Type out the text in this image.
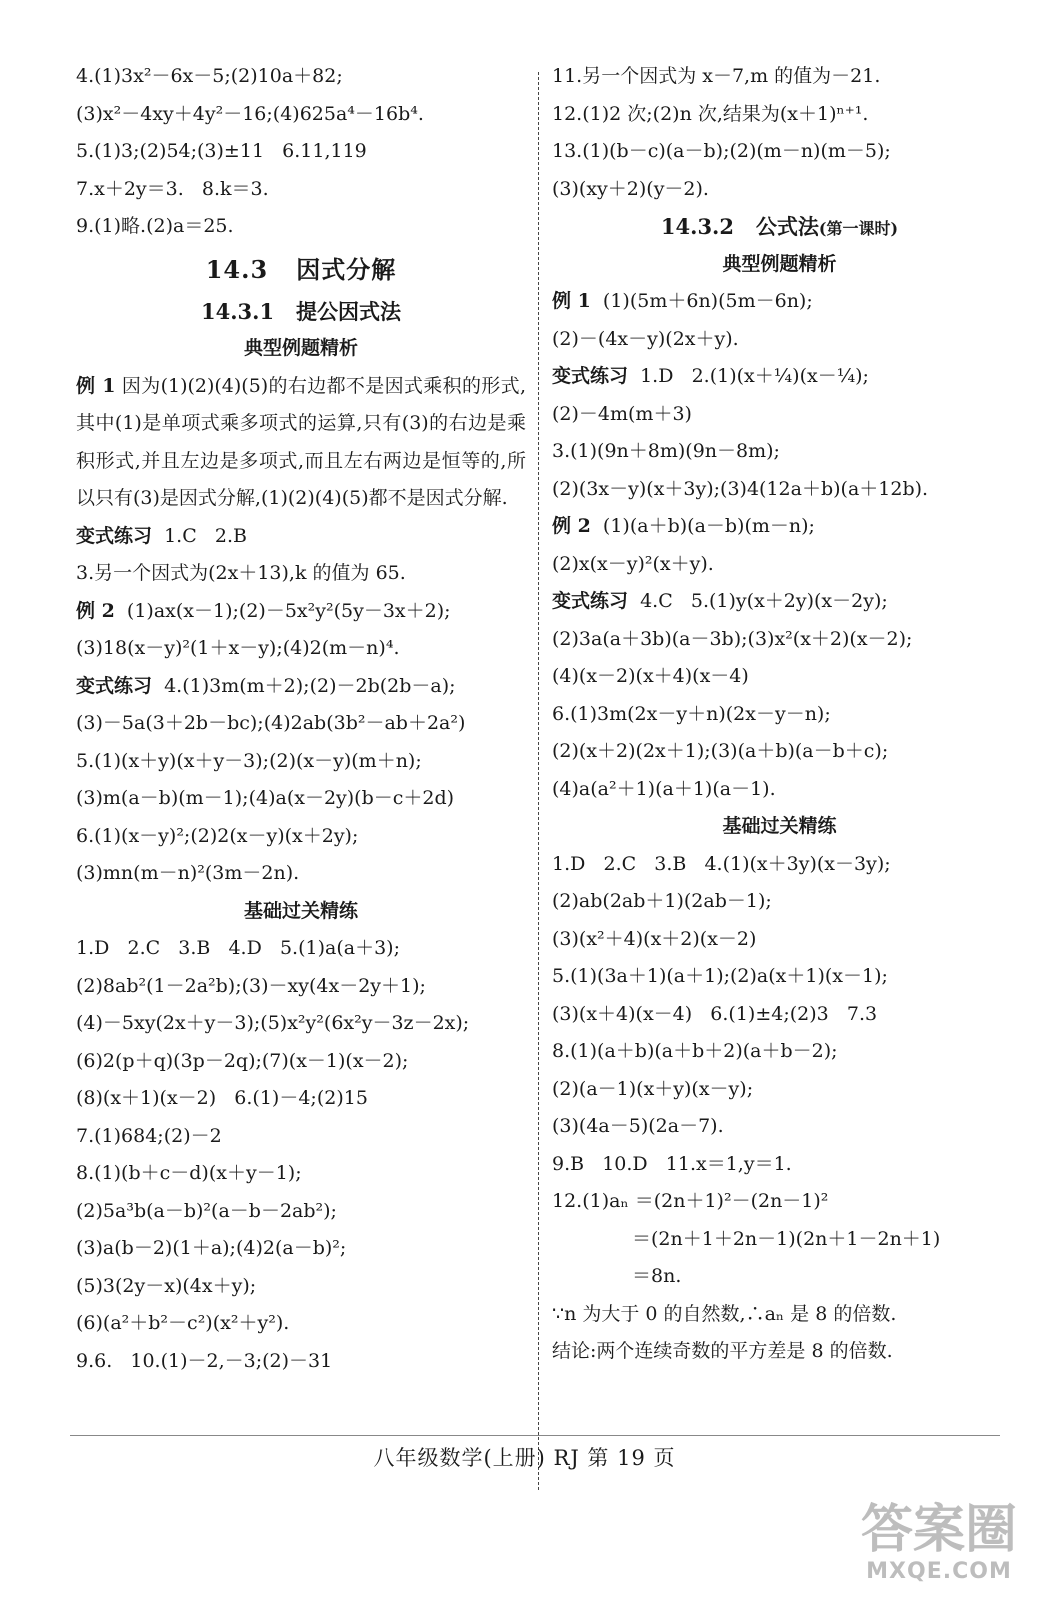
4.(1)3x²－6x－5;(2)10a＋82;
(3)x²－4xy＋4y²－16;(4)625a⁴－16b⁴.
5.(1)3;(2)54;(3)±11   6.11,119
7.x＋2y＝3.   8.k＝3.
9.(1)略.(2)a＝25.
14.3   因式分解
14.3.1   提公因式法
典型例题精析
例 1 因为(1)(2)(4)(5)的右边都不是因式乘积的形式,其中(1)是单项式乘多项式的运算,只有(3)的右边是乘积形式,并且左边是多项式,而且左右两边是恒等的,所以只有(3)是因式分解,(1)(2)(4)(5)都不是因式分解.
变式练习  1.C   2.B
3.另一个因式为(2x＋13),k 的值为 65.
例 2  (1)ax(x－1);(2)－5x²y²(5y－3x＋2);
(3)18(x－y)²(1＋x－y);(4)2(m－n)⁴.
变式练习  4.(1)3m(m＋2);(2)－2b(2b－a);
(3)－5a(3＋2b－bc);(4)2ab(3b²－ab＋2a²)
5.(1)(x＋y)(x＋y－3);(2)(x－y)(m＋n);
(3)m(a－b)(m－1);(4)a(x－2y)(b－c＋2d)
6.(1)(x－y)²;(2)2(x－y)(x＋2y);
(3)mn(m－n)²(3m－2n).
基础过关精练
1.D   2.C   3.B   4.D   5.(1)a(a＋3);
(2)8ab²(1－2a²b);(3)－xy(4x－2y＋1);
(4)－5xy(2x＋y－3);(5)x²y²(6x²y－3z－2x);
(6)2(p＋q)(3p－2q);(7)(x－1)(x－2);
(8)(x＋1)(x－2)   6.(1)－4;(2)15
7.(1)684;(2)－2
8.(1)(b＋c－d)(x＋y－1);
(2)5a³b(a－b)²(a－b－2ab²);
(3)a(b－2)(1＋a);(4)2(a－b)²;
(5)3(2y－x)(4x＋y);
(6)(a²＋b²－c²)(x²＋y²).
9.6.   10.(1)－2,－3;(2)－31
11.另一个因式为 x－7,m 的值为－21.
12.(1)2 次;(2)n 次,结果为(x＋1)ⁿ⁺¹.
13.(1)(b－c)(a－b);(2)(m－n)(m－5);
(3)(xy＋2)(y－2).
14.3.2   公式法(第一课时)
典型例题精析
例 1  (1)(5m＋6n)(5m－6n);
(2)－(4x－y)(2x＋y).
变式练习  1.D   2.(1)(x＋¼)(x－¼);
(2)－4m(m＋3)
3.(1)(9n＋8m)(9n－8m);
(2)(3x－y)(x＋3y);(3)4(12a＋b)(a＋12b).
例 2  (1)(a＋b)(a－b)(m－n);
(2)x(x－y)²(x＋y).
变式练习  4.C   5.(1)y(x＋2y)(x－2y);
(2)3a(a＋3b)(a－3b);(3)x²(x＋2)(x－2);
(4)(x－2)(x＋4)(x－4)
6.(1)3m(2x－y＋n)(2x－y－n);
(2)(x＋2)(2x＋1);(3)(a＋b)(a－b＋c);
(4)a(a²＋1)(a＋1)(a－1).
基础过关精练
1.D   2.C   3.B   4.(1)(x＋3y)(x－3y);
(2)ab(2ab＋1)(2ab－1);
(3)(x²＋4)(x＋2)(x－2)
5.(1)(3a＋1)(a＋1);(2)a(x＋1)(x－1);
(3)(x＋4)(x－4)   6.(1)±4;(2)3   7.3
8.(1)(a＋b)(a＋b＋2)(a＋b－2);
(2)(a－1)(x＋y)(x－y);
(3)(4a－5)(2a－7).
9.B   10.D   11.x＝1,y＝1.
12.(1)aₙ ＝(2n＋1)²－(2n－1)²
＝(2n＋1＋2n－1)(2n＋1－2n＋1)
＝8n.
∵n 为大于 0 的自然数,∴aₙ 是 8 的倍数.
结论:两个连续奇数的平方差是 8 的倍数.
八年级数学(上册) RJ 第 19 页
答案圈
MXQE.COM
